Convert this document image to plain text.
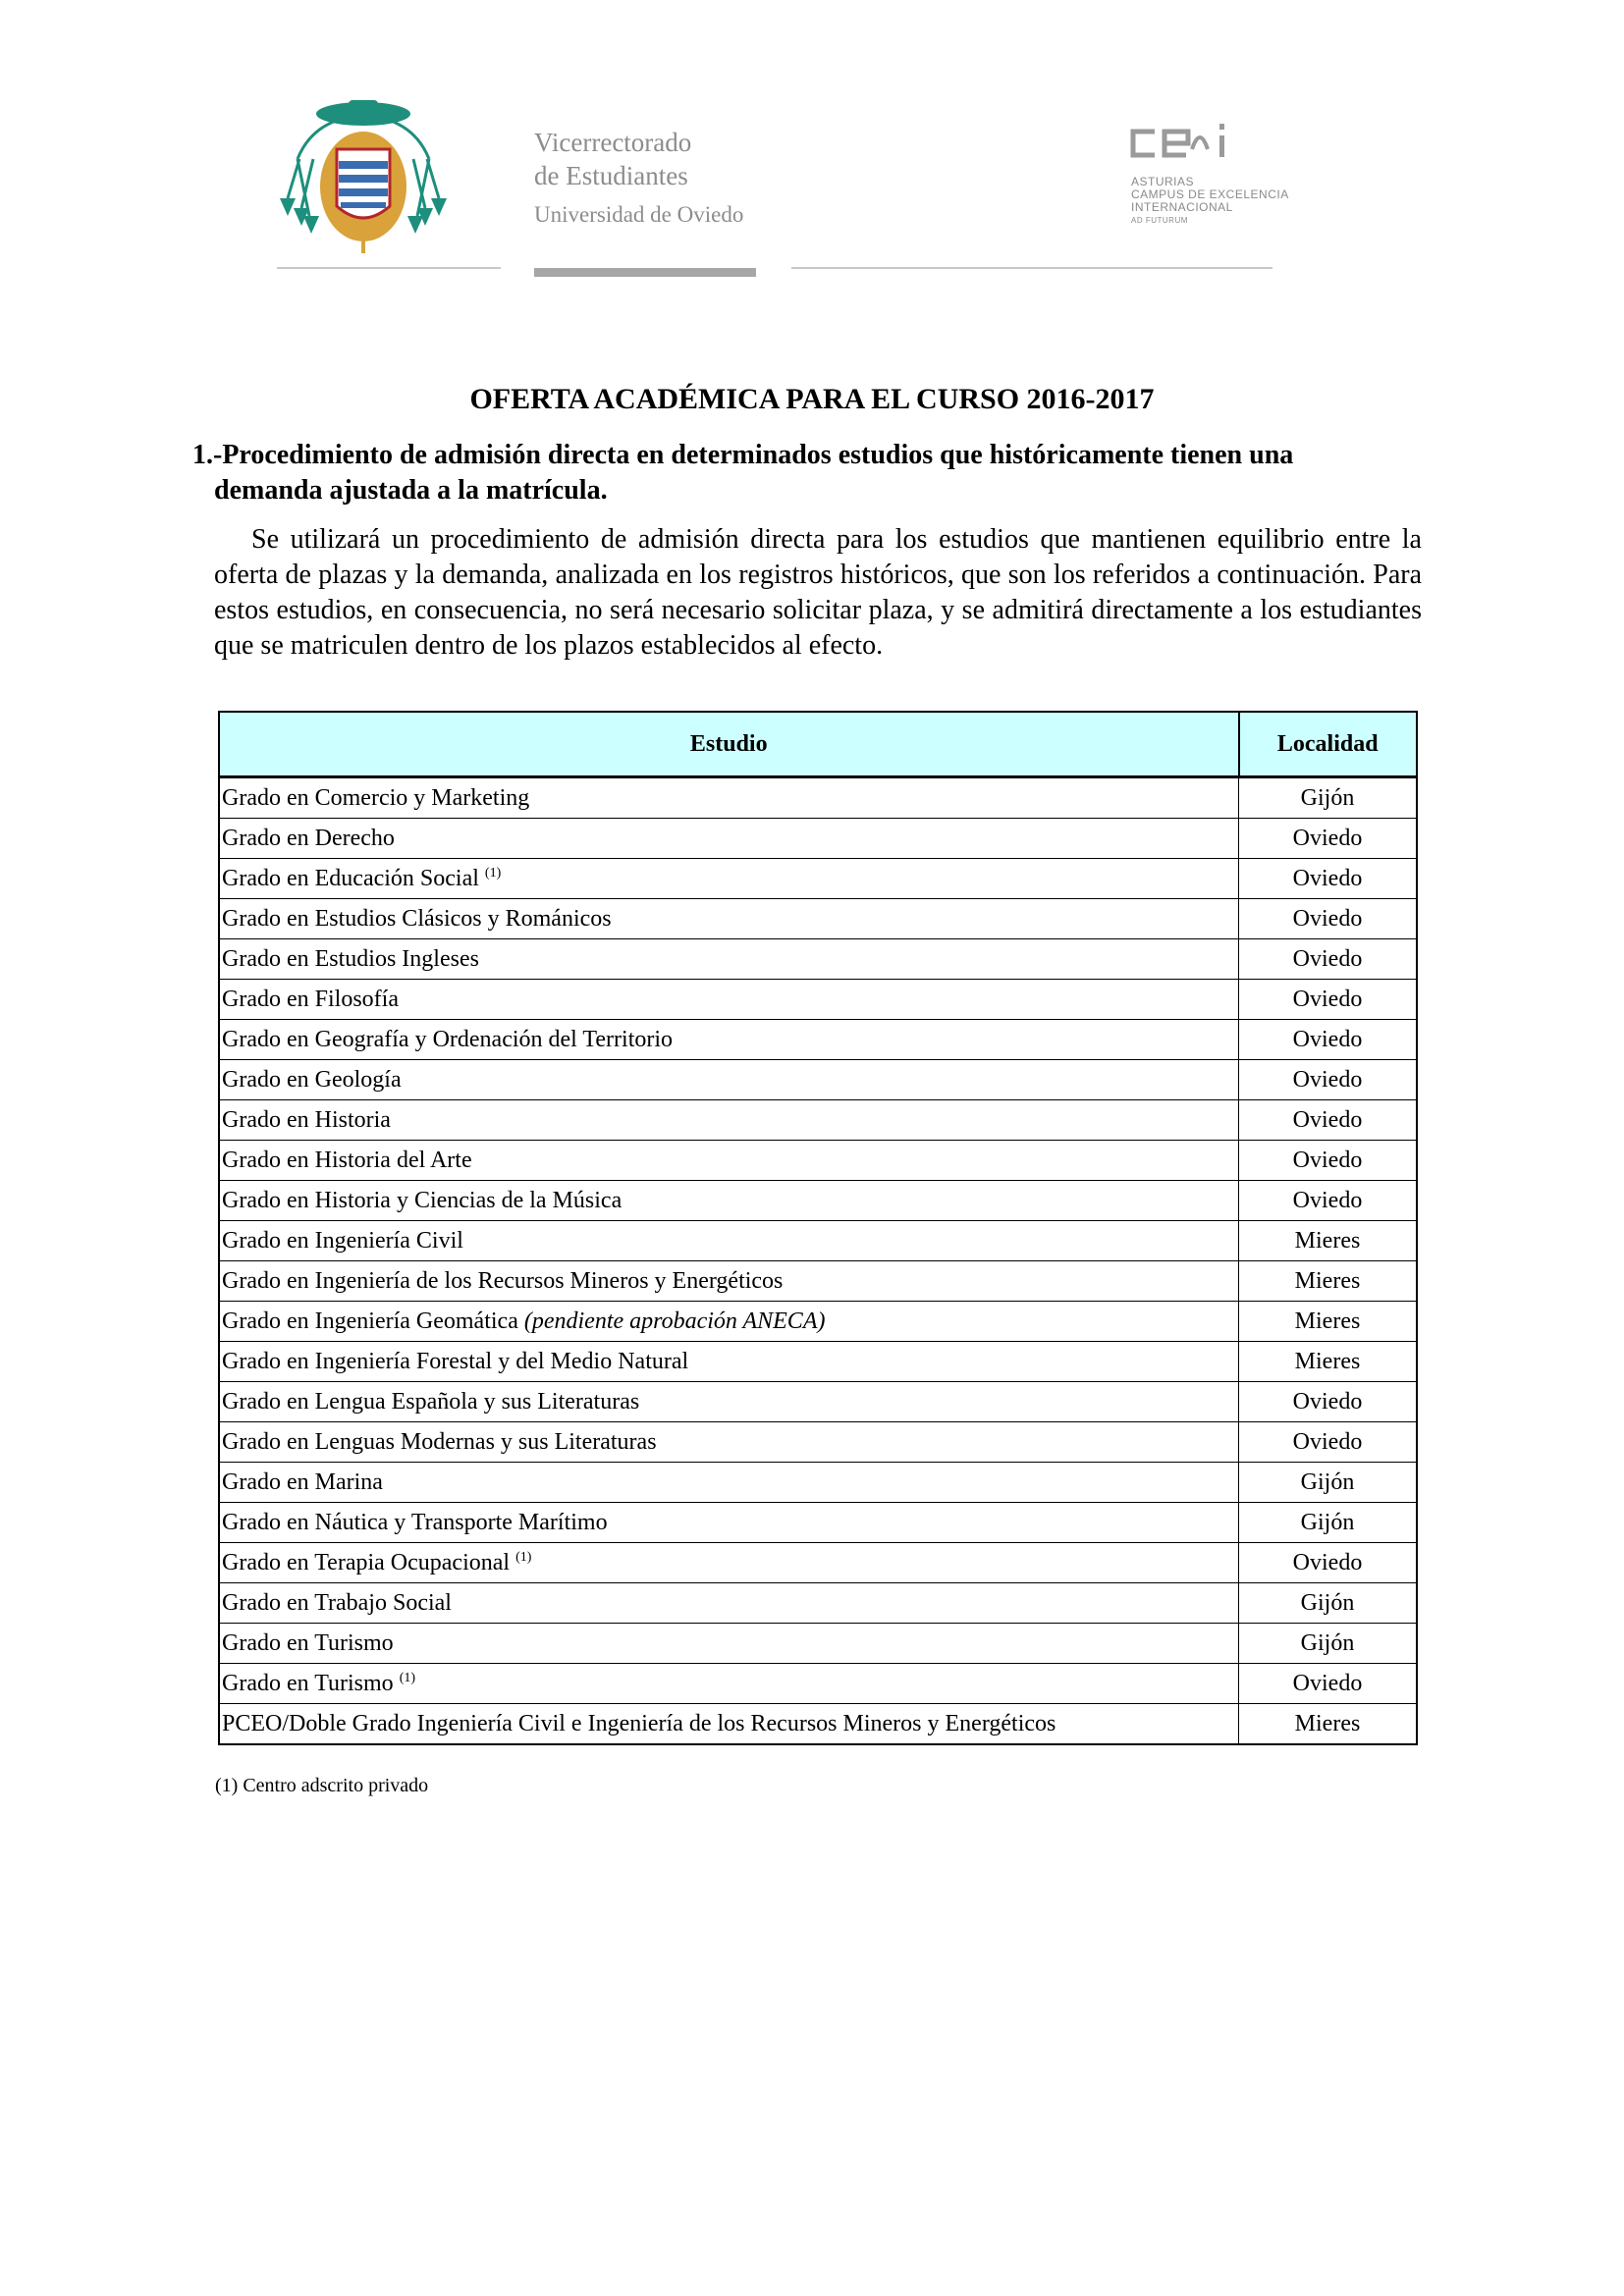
Vicerrectorado
de Estudiantes
Universidad de Oviedo
ASTURIAS
CAMPUS DE EXCELENCIA
INTERNACIONAL
AD FUTURUM
OFERTA ACADÉMICA PARA EL CURSO 2016-2017
1.-Procedimiento de admisión directa en determinados estudios que históricamente tienen una
demanda ajustada a la matrícula.
Se utilizará un procedimiento de admisión directa para los estudios que mantienen equilibrio entre la oferta de plazas y la demanda, analizada en los registros históricos, que son los referidos a continuación. Para estos estudios, en consecuencia, no será necesario solicitar plaza, y se admitirá directamente a los estudiantes que se matriculen dentro de los plazos establecidos al efecto.
Estudio	Localidad
Grado en Comercio y Marketing	Gijón
Grado en Derecho	Oviedo
Grado en Educación Social $^{(1)}$	Oviedo
Grado en Estudios Clásicos y Románicos	Oviedo
Grado en Estudios Ingleses	Oviedo
Grado en Filosofía	Oviedo
Grado en Geografía y Ordenación del Territorio	Oviedo
Grado en Geología	Oviedo
Grado en Historia	Oviedo
Grado en Historia del Arte	Oviedo
Grado en Historia y Ciencias de la Música	Oviedo
Grado en Ingeniería Civil	Mieres
Grado en Ingeniería de los Recursos Mineros y Energéticos	Mieres
Grado en Ingeniería Geomática (pendiente aprobación ANECA)	Mieres
Grado en Ingeniería Forestal y del Medio Natural	Mieres
Grado en Lengua Española y sus Literaturas	Oviedo
Grado en Lenguas Modernas y sus Literaturas	Oviedo
Grado en Marina	Gijón
Grado en Náutica y Transporte Marítimo	Gijón
Grado en Terapia Ocupacional $^{(1)}$	Oviedo
Grado en Trabajo Social	Gijón
Grado en Turismo	Gijón
Grado en Turismo $^{(1)}$	Oviedo
PCEO/Doble Grado Ingeniería Civil e Ingeniería de los Recursos Mineros y Energéticos	Mieres
(1) Centro adscrito privado
